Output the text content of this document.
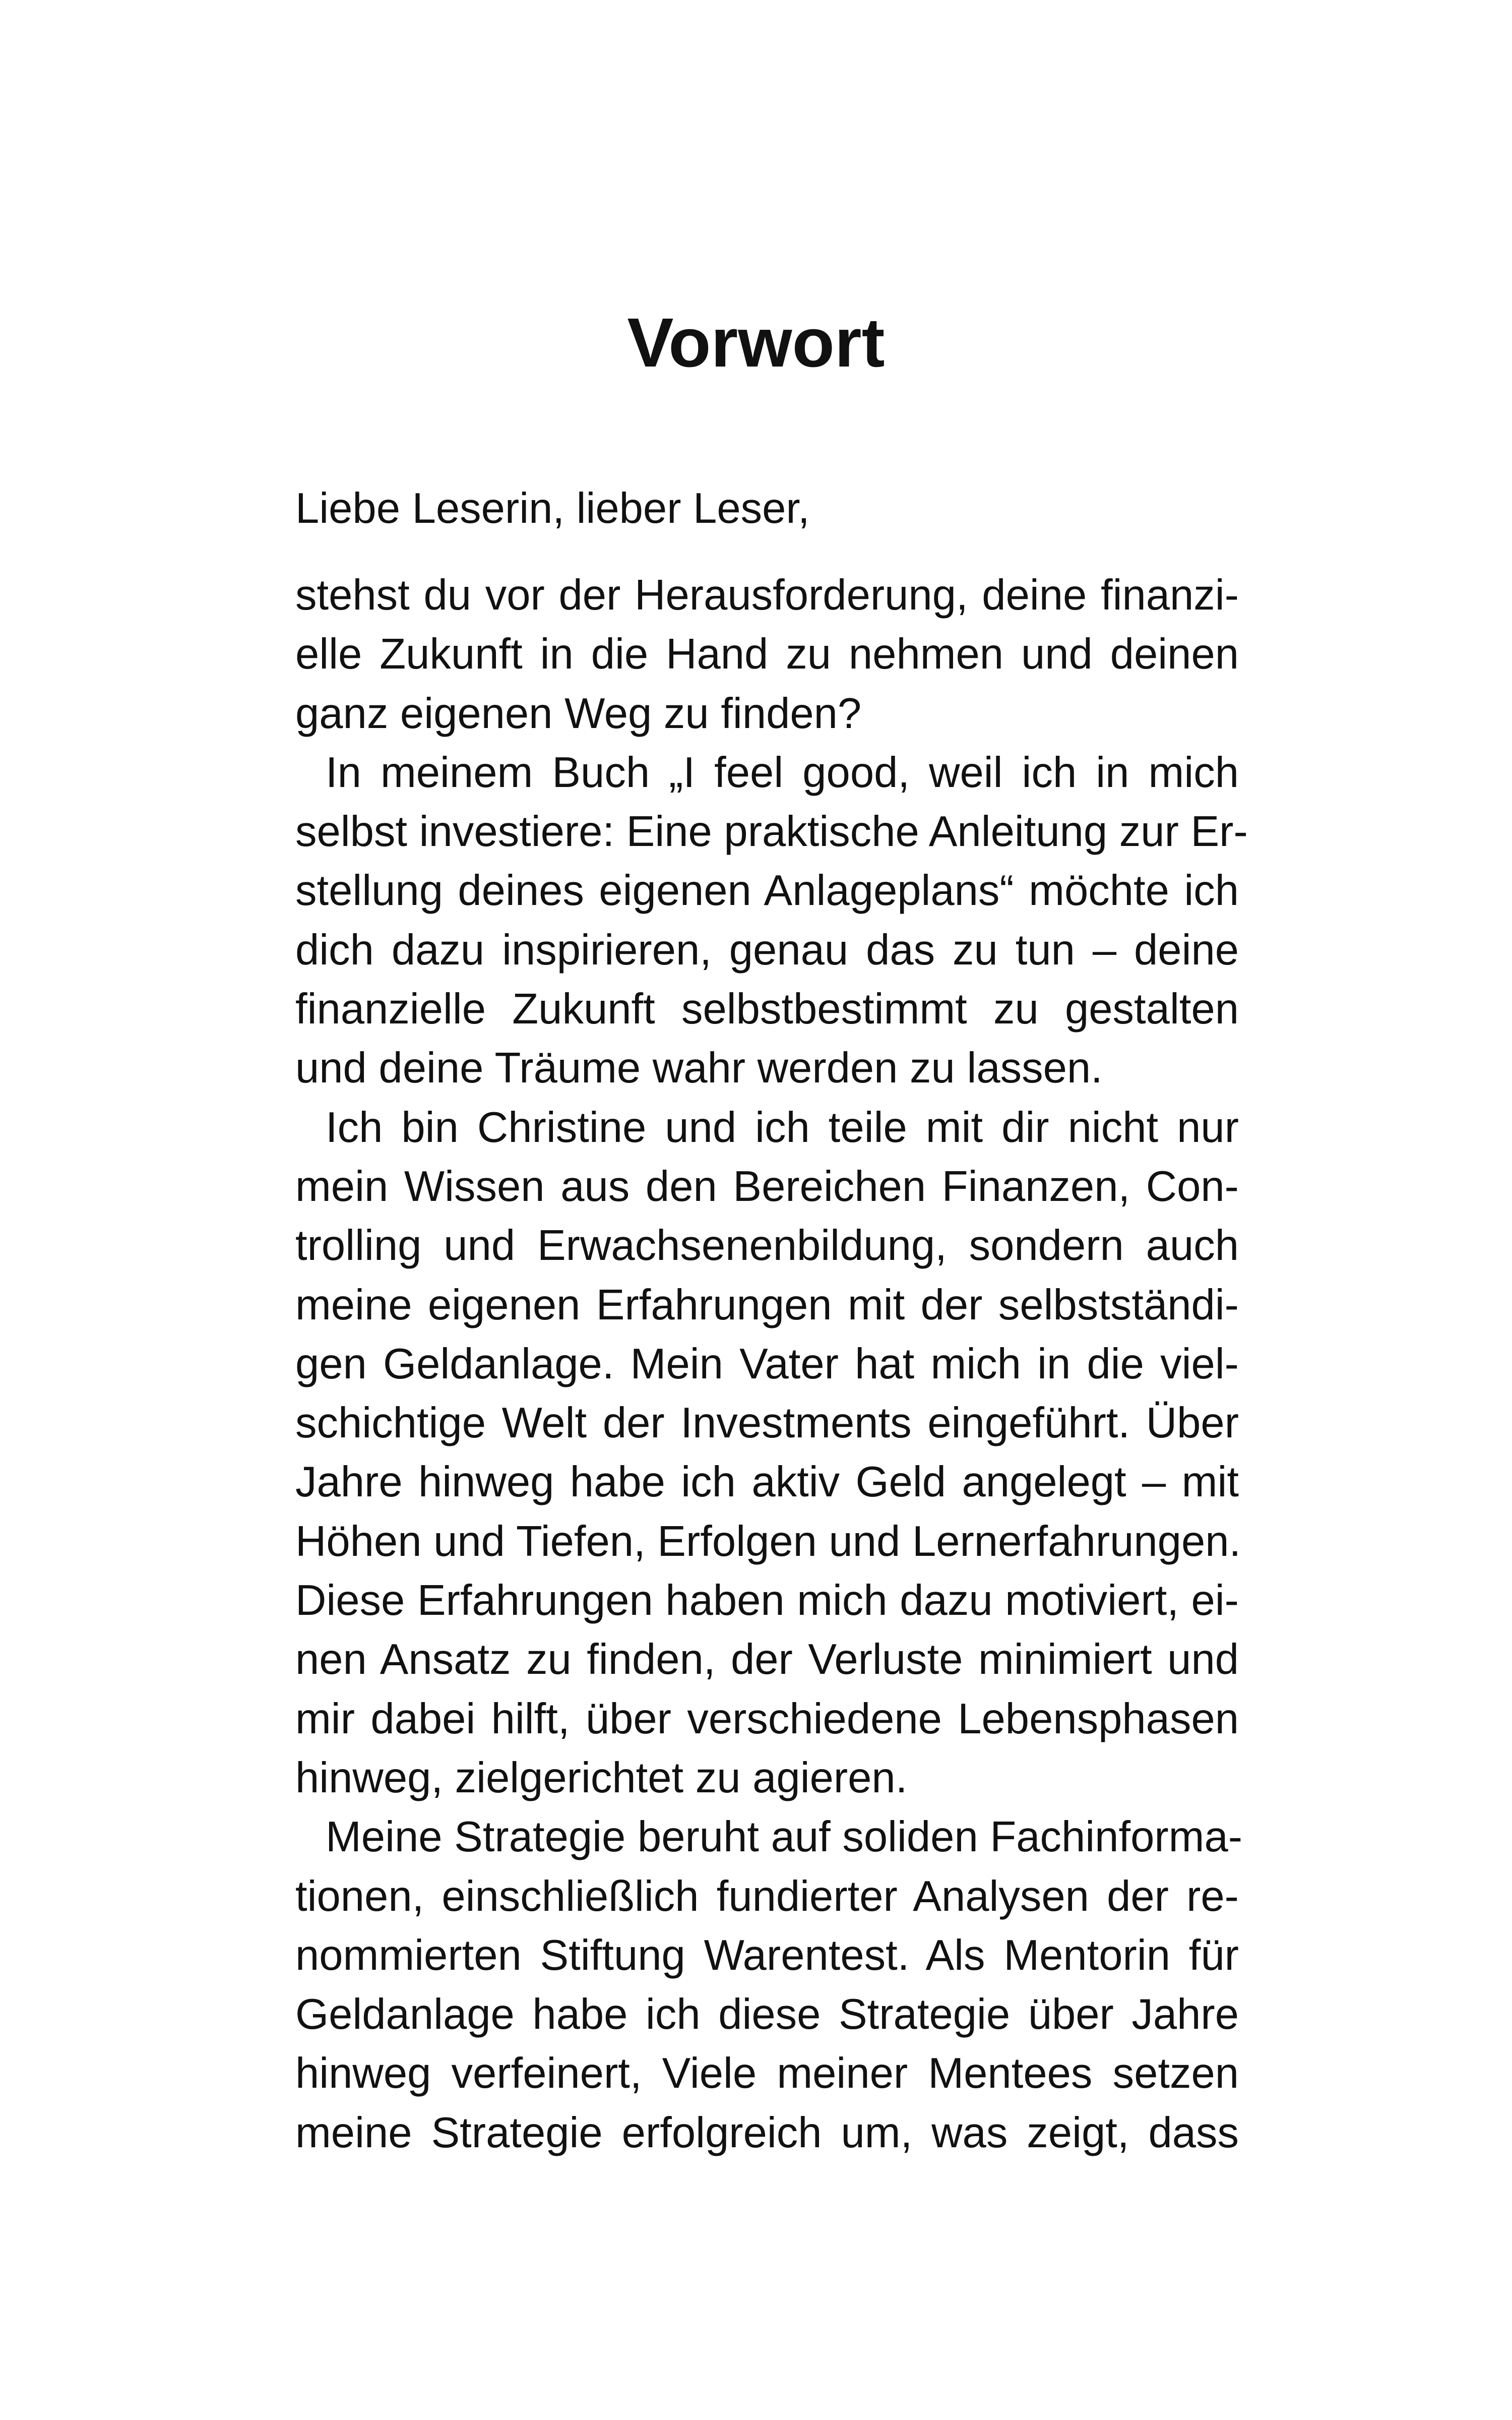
Vorwort

Liebe Leserin, lieber Leser,

stehst du vor der Herausforderung, deine finanzi-
elle Zukunft in die Hand zu nehmen und deinen
ganz eigenen Weg zu finden?

In meinem Buch „I feel good, weil ich in mich
selbst investiere: Eine praktische Anleitung zur Er-
stellung deines eigenen Anlageplans“ möchte ich
dich dazu inspirieren, genau das zu tun – deine
finanzielle Zukunft selbstbestimmt zu gestalten
und deine Träume wahr werden zu lassen.

Ich bin Christine und ich teile mit dir nicht nur
mein Wissen aus den Bereichen Finanzen, Con-
trolling und Erwachsenenbildung, sondern auch
meine eigenen Erfahrungen mit der selbstständi-
gen Geldanlage. Mein Vater hat mich in die viel-
schichtige Welt der Investments eingeführt. Über
Jahre hinweg habe ich aktiv Geld angelegt – mit
Höhen und Tiefen, Erfolgen und Lernerfahrungen.
Diese Erfahrungen haben mich dazu motiviert, ei-
nen Ansatz zu finden, der Verluste minimiert und
mir dabei hilft, über verschiedene Lebensphasen
hinweg, zielgerichtet zu agieren.

Meine Strategie beruht auf soliden Fachinforma-
tionen, einschließlich fundierter Analysen der re-
nommierten Stiftung Warentest. Als Mentorin für
Geldanlage habe ich diese Strategie über Jahre
hinweg verfeinert, Viele meiner Mentees setzen
meine Strategie erfolgreich um, was zeigt, dass
